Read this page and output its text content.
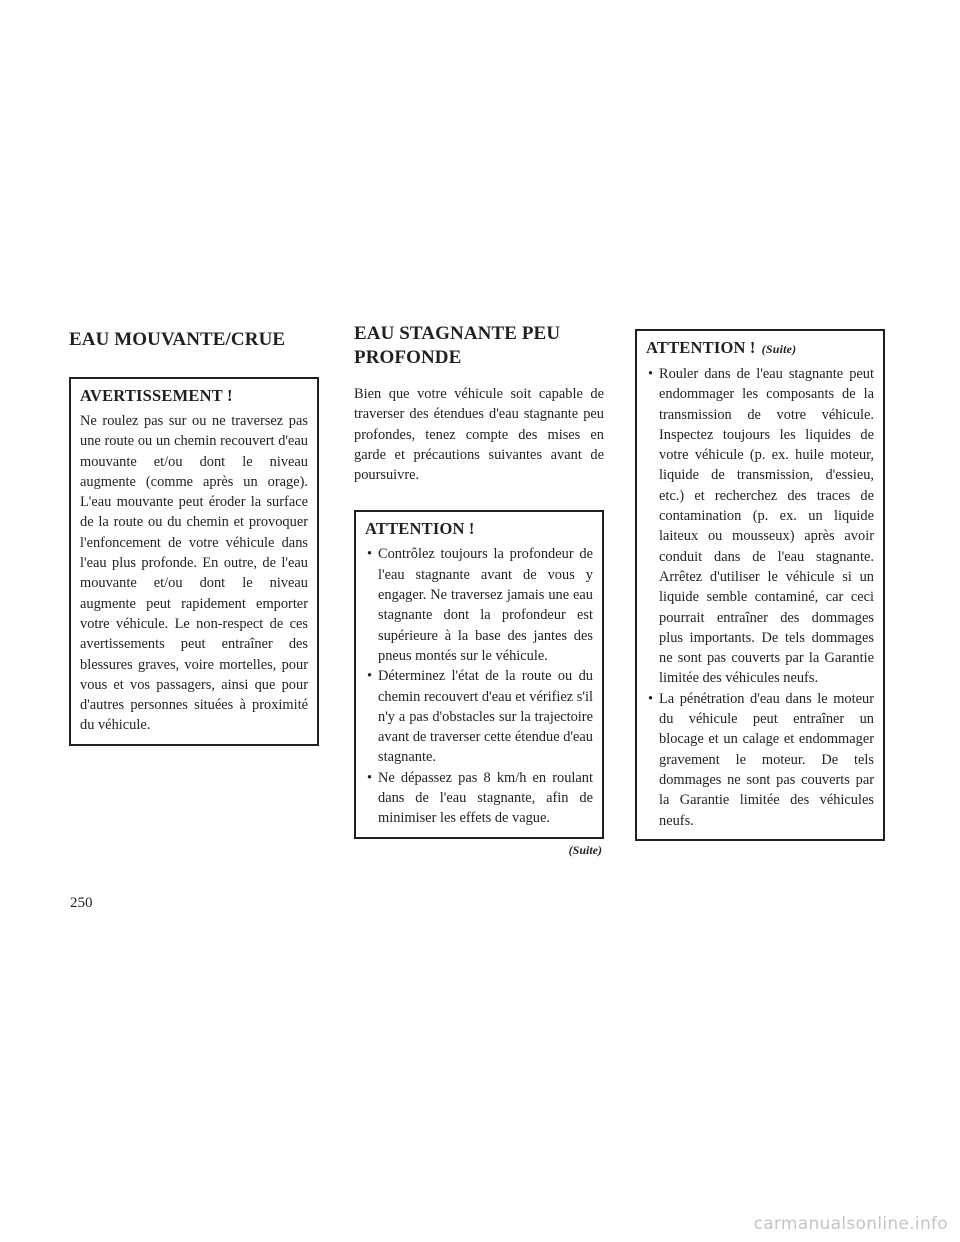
EAU MOUVANTE/CRUE
AVERTISSEMENT !

Ne roulez pas sur ou ne traversez pas une route ou un chemin recouvert d'eau mouvante et/ou dont le niveau augmente (comme après un orage). L'eau mouvante peut éroder la surface de la route ou du chemin et provoquer l'enfoncement de votre véhicule dans l'eau plus profonde. En outre, de l'eau mouvante et/ou dont le niveau augmente peut rapidement emporter votre véhicule. Le non-respect de ces avertissements peut entraîner des blessures graves, voire mortelles, pour vous et vos passagers, ainsi que pour d'autres personnes situées à proximité du véhicule.

EAU STAGNANTE PEU
PROFONDE

Bien que votre véhicule soit capable de traverser des étendues d'eau stagnante peu profondes, tenez compte des mises en garde et précautions suivantes avant de poursuivre.

ATTENTION !
• Contrôlez toujours la profondeur de l'eau stagnante avant de vous y engager. Ne traversez jamais une eau stagnante dont la profondeur est supérieure à la base des jantes des pneus montés sur le véhicule.
• Déterminez l'état de la route ou du chemin recouvert d'eau et vérifiez s'il n'y a pas d'obstacles sur la trajectoire avant de traverser cette étendue d'eau stagnante.
• Ne dépassez pas 8 km/h en roulant dans de l'eau stagnante, afin de minimiser les effets de vague.
(Suite)
ATTENTION ! (Suite)
• Rouler dans de l'eau stagnante peut endommager les composants de la transmission de votre véhicule. Inspectez toujours les liquides de votre véhicule (p. ex. huile moteur, liquide de transmission, d'essieu, etc.) et recherchez des traces de contamination (p. ex. un liquide laiteux ou mousseux) après avoir conduit dans de l'eau stagnante. Arrêtez d'utiliser le véhicule si un liquide semble contaminé, car ceci pourrait entraîner des dommages plus importants. De tels dommages ne sont pas couverts par la Garantie limitée des véhicules neufs.
• La pénétration d'eau dans le moteur du véhicule peut entraîner un blocage et un calage et endommager gravement le moteur. De tels dommages ne sont pas couverts par la Garantie limitée des véhicules neufs.

250

carmanualsonline.info
